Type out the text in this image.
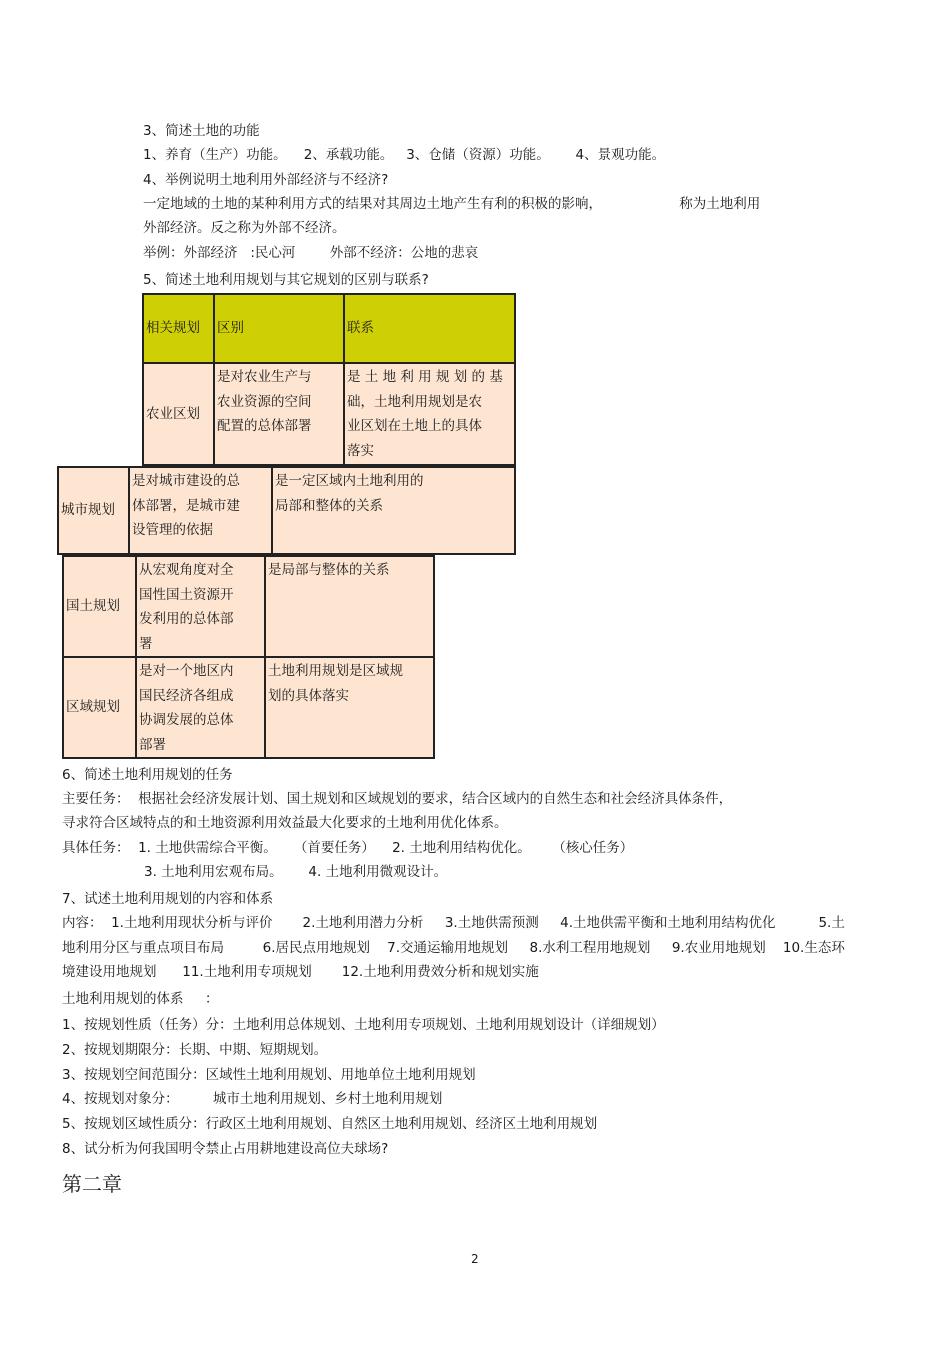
3、简述土地的功能
1、养育（生产）功能。    2、承载功能。   3、仓储（资源）功能。      4、景观功能。
4、举例说明土地利用外部经济与不经济?
一定地域的土地的某种利用方式的结果对其周边土地产生有利的积极的影响，                  称为土地利用
外部经济。反之称为外部不经济。
举例：外部经济   :民心河        外部不经济：公地的悲哀
5、简述土地利用规划与其它规划的区别与联系?
相关规划	区别	联系
农业区划
是对农业生产与
农业资源的空间
配置的总体部署
是 土 地 利 用 规 划 的 基
础，土地利用规划是农
业区划在土地上的具体
落实
城市规划
是对城市建设的总
体部署，是城市建
设管理的依据
是一定区域内土地利用的
局部和整体的关系
国土规划
从宏观角度对全
国性国土资源开
发利用的总体部
署
是局部与整体的关系
区域规划
是对一个地区内
国民经济各组成
协调发展的总体
部署
土地利用规划是区域规
划的具体落实
6、简述土地利用规划的任务
主要任务：  根据社会经济发展计划、国土规划和区域规划的要求，结合区域内的自然生态和社会经济具体条件，
寻求符合区域特点的和土地资源利用效益最大化要求的土地利用优化体系。
具体任务：  1. 土地供需综合平衡。    （首要任务）    2. 土地利用结构优化。     （核心任务）
3. 土地利用宏观布局。      4. 土地利用微观设计。
7、试述土地利用规划的内容和体系
内容：  1.土地利用现状分析与评价       2.土地利用潜力分析     3.土地供需预测     4.土地供需平衡和土地利用结构优化          5.土
地利用分区与重点项目布局         6.居民点用地规划    7.交通运输用地规划     8.水利工程用地规划     9.农业用地规划    10.生态环
境建设用地规划      11.土地利用专项规划       12.土地利用费效分析和规划实施
土地利用规划的体系     ：
1、按规划性质（任务）分：土地利用总体规划、土地利用专项规划、土地利用规划设计（详细规划）
2、按规划期限分：长期、中期、短期规划。
3、按规划空间范围分：区域性土地利用规划、用地单位土地利用规划
4、按规划对象分：        城市土地利用规划、乡村土地利用规划
5、按规划区域性质分：行政区土地利用规划、自然区土地利用规划、经济区土地利用规划
8、试分析为何我国明令禁止占用耕地建设高位夫球场?
第二章
2
